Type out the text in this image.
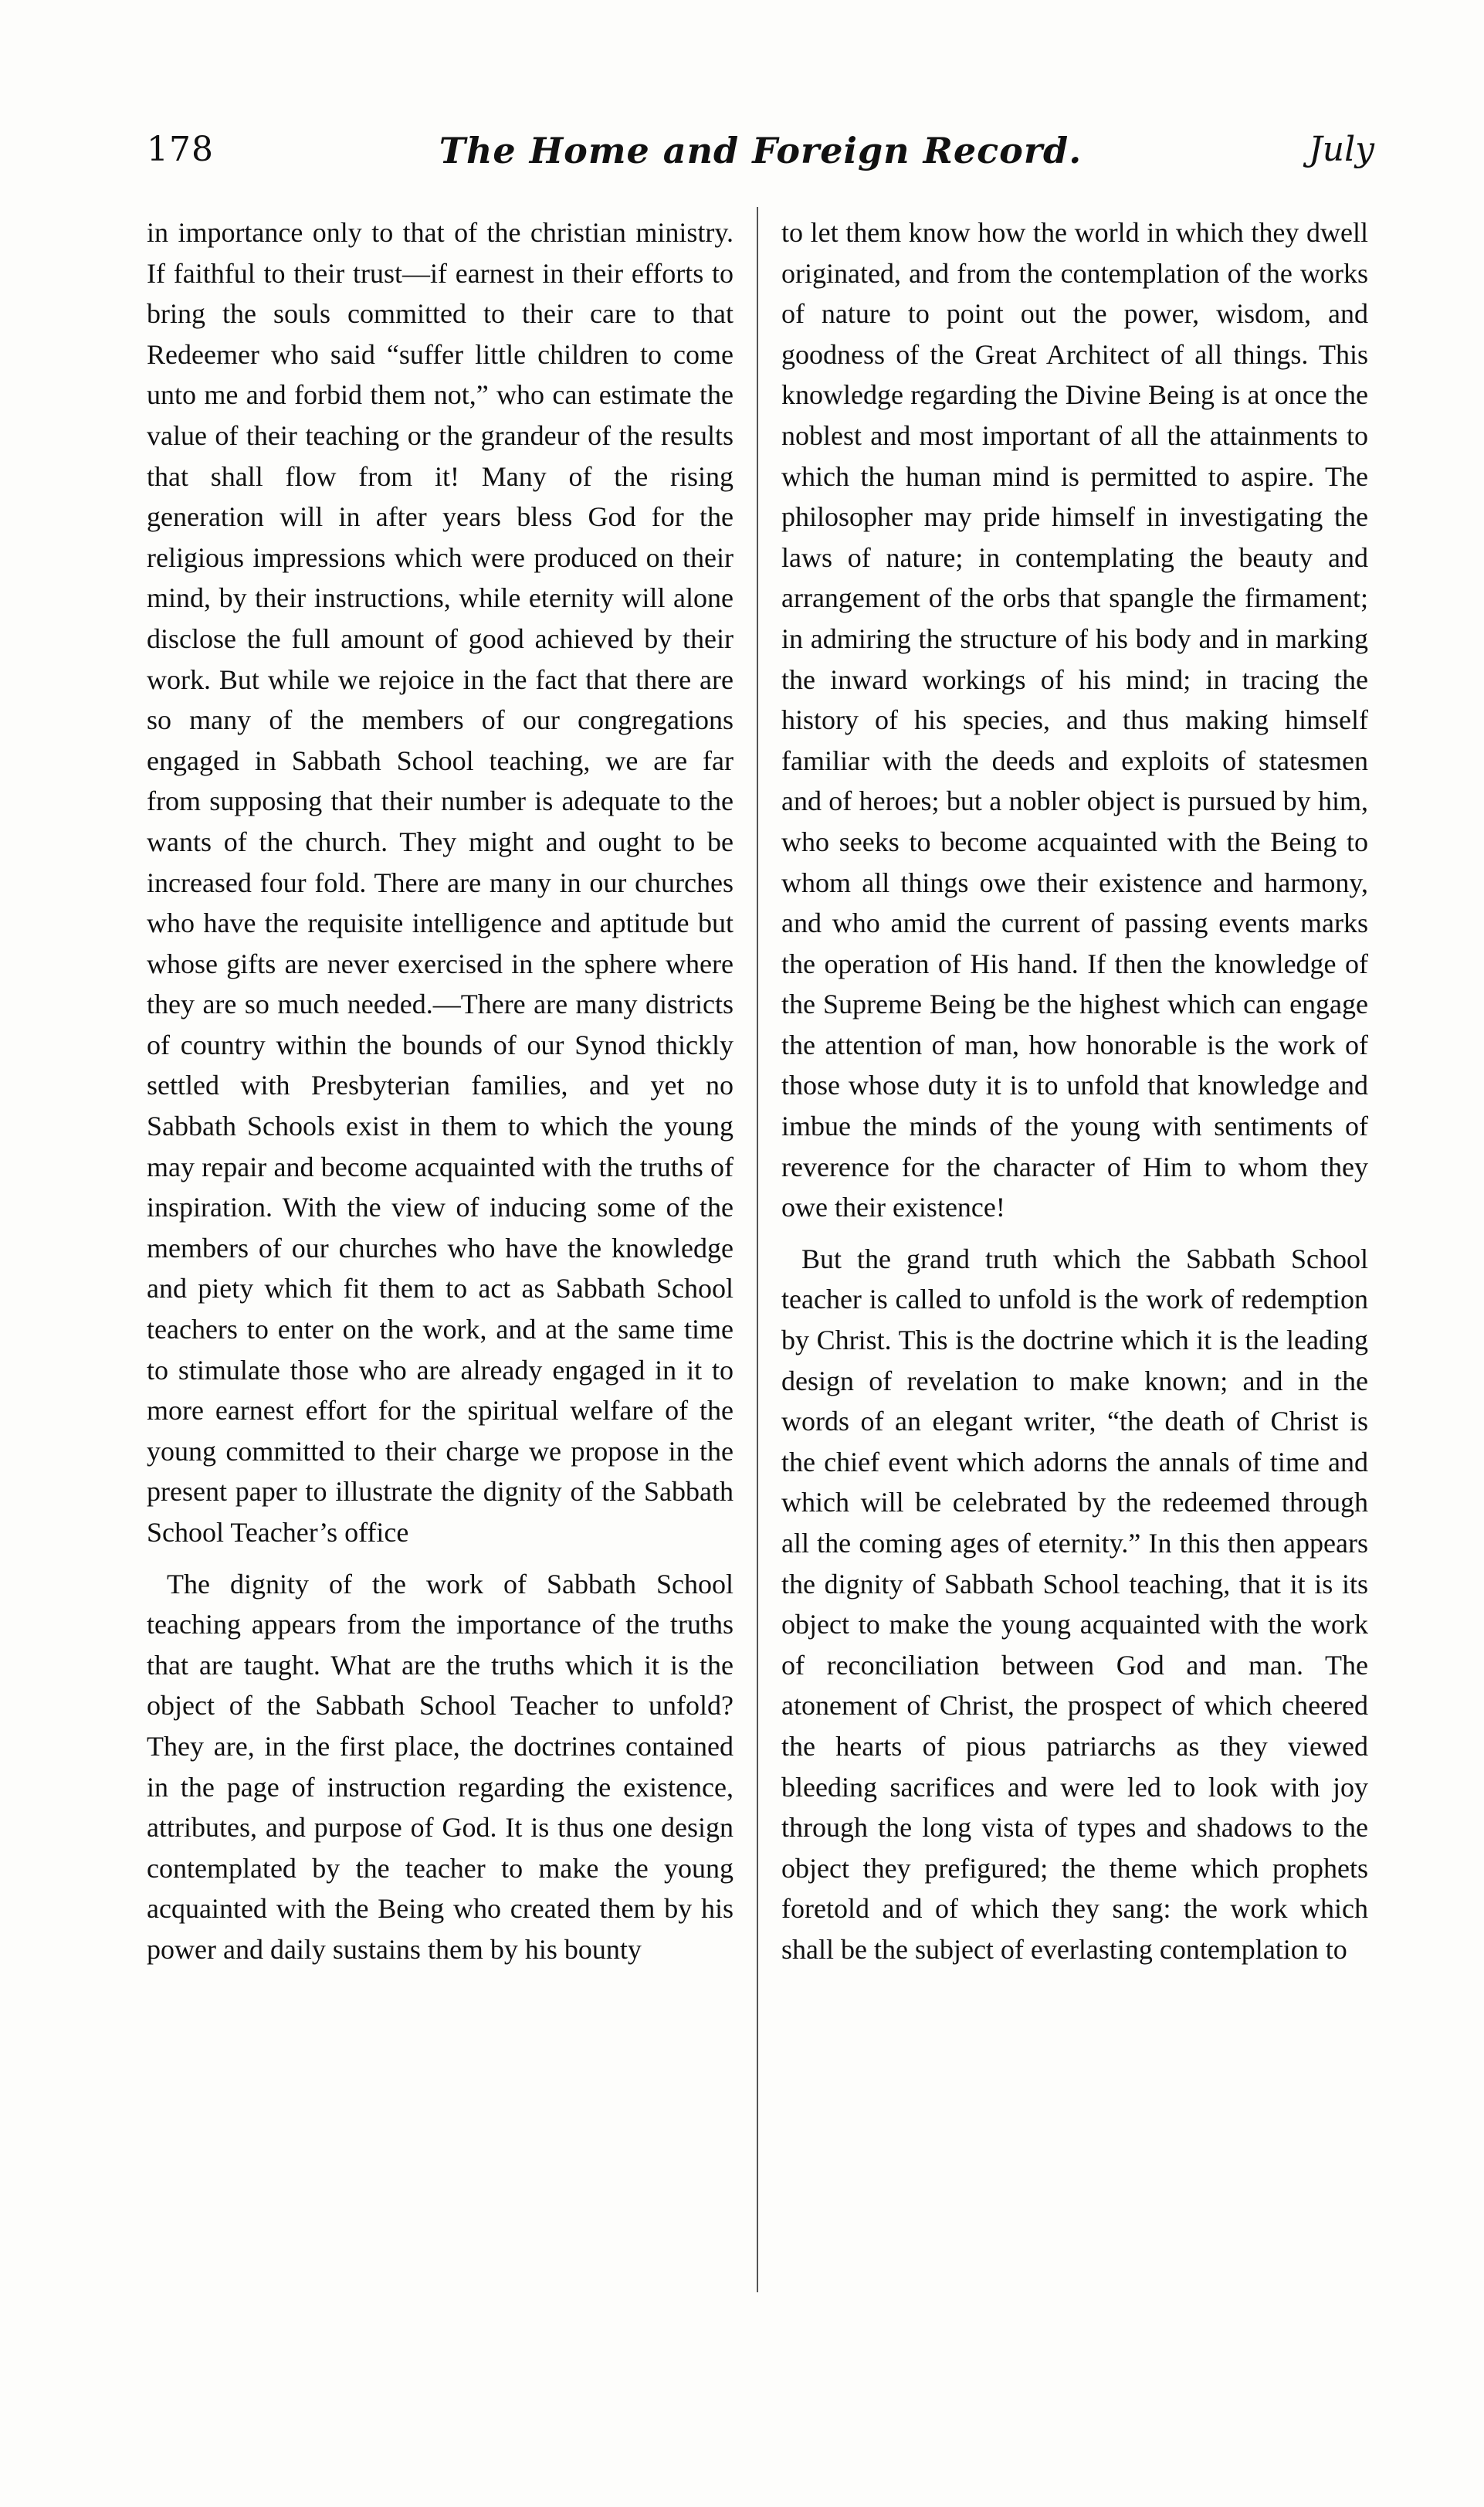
178	The Home and Foreign Record.	July

in importance only to that of the christian ministry. If faithful to their trust—if earnest in their efforts to bring the souls committed to their care to that Redeemer who said “suffer little children to come unto me and forbid them not,” who can estimate the value of their teaching or the grandeur of the results that shall flow from it! Many of the rising generation will in after years bless God for the religious impressions which were produced on their mind, by their instructions, while eternity will alone disclose the full amount of good achieved by their work. But while we rejoice in the fact that there are so many of the members of our congregations engaged in Sabbath School teaching, we are far from supposing that their number is adequate to the wants of the church. They might and ought to be increased four fold. There are many in our churches who have the requisite intelligence and aptitude but whose gifts are never exercised in the sphere where they are so much needed.—There are many districts of country within the bounds of our Synod thickly settled with Presbyterian families, and yet no Sabbath Schools exist in them to which the young may repair and become acquainted with the truths of inspiration. With the view of inducing some of the members of our churches who have the knowledge and piety which fit them to act as Sabbath School teachers to enter on the work, and at the same time to stimulate those who are already engaged in it to more earnest effort for the spiritual welfare of the young committed to their charge we propose in the present paper to illustrate the dignity of the Sabbath School Teacher’s office

The dignity of the work of Sabbath School teaching appears from the importance of the truths that are taught. What are the truths which it is the object of the Sabbath School Teacher to unfold? They are, in the first place, the doctrines contained in the page of instruction regarding the existence, attributes, and purpose of God. It is thus one design contemplated by the teacher to make the young acquainted with the Being who created them by his power and daily sustains them by his bounty

to let them know how the world in which they dwell originated, and from the contemplation of the works of nature to point out the power, wisdom, and goodness of the Great Architect of all things. This knowledge regarding the Divine Being is at once the noblest and most important of all the attainments to which the human mind is permitted to aspire. The philosopher may pride himself in investigating the laws of nature; in contemplating the beauty and arrangement of the orbs that spangle the firmament; in admiring the structure of his body and in marking the inward workings of his mind; in tracing the history of his species, and thus making himself familiar with the deeds and exploits of statesmen and of heroes; but a nobler object is pursued by him, who seeks to become acquainted with the Being to whom all things owe their existence and harmony, and who amid the current of passing events marks the operation of His hand. If then the knowledge of the Supreme Being be the highest which can engage the attention of man, how honorable is the work of those whose duty it is to unfold that knowledge and imbue the minds of the young with sentiments of reverence for the character of Him to whom they owe their existence!

But the grand truth which the Sabbath School teacher is called to unfold is the work of redemption by Christ. This is the doctrine which it is the leading design of revelation to make known; and in the words of an elegant writer, “the death of Christ is the chief event which adorns the annals of time and which will be celebrated by the redeemed through all the coming ages of eternity.” In this then appears the dignity of Sabbath School teaching, that it is its object to make the young acquainted with the work of reconciliation between God and man. The atonement of Christ, the prospect of which cheered the hearts of pious patriarchs as they viewed bleeding sacrifices and were led to look with joy through the long vista of types and shadows to the object they prefigured; the theme which prophets foretold and of which they sang: the work which shall be the subject of everlasting contemplation to
